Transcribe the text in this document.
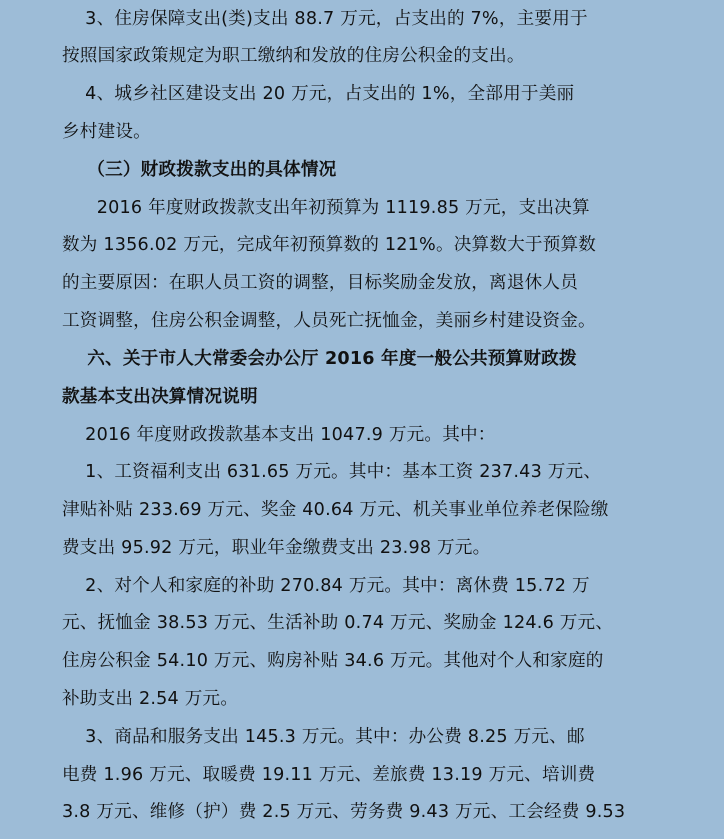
3、住房保障支出(类)支出 88.7 万元，占支出的 7%，主要用于
按照国家政策规定为职工缴纳和发放的住房公积金的支出。
4、城乡社区建设支出 20 万元，占支出的 1%，全部用于美丽
乡村建设。
（三）财政拨款支出的具体情况
2016 年度财政拨款支出年初预算为 1119.85 万元，支出决算
数为 1356.02 万元，完成年初预算数的 121%。决算数大于预算数
的主要原因：在职人员工资的调整，目标奖励金发放，离退休人员
工资调整，住房公积金调整，人员死亡抚恤金，美丽乡村建设资金。
六、关于市人大常委会办公厅 2016 年度一般公共预算财政拨
款基本支出决算情况说明
2016 年度财政拨款基本支出 1047.9 万元。其中：
1、工资福利支出 631.65 万元。其中：基本工资 237.43 万元、
津贴补贴 233.69 万元、奖金 40.64 万元、机关事业单位养老保险缴
费支出 95.92 万元，职业年金缴费支出 23.98 万元。
2、对个人和家庭的补助 270.84 万元。其中：离休费 15.72 万
元、抚恤金 38.53 万元、生活补助 0.74 万元、奖励金 124.6 万元、
住房公积金 54.10 万元、购房补贴 34.6 万元。其他对个人和家庭的
补助支出 2.54 万元。
3、商品和服务支出 145.3 万元。其中：办公费 8.25 万元、邮
电费 1.96 万元、取暖费 19.11 万元、差旅费 13.19 万元、培训费
3.8 万元、维修（护）费 2.5 万元、劳务费 9.43 万元、工会经费 9.53
